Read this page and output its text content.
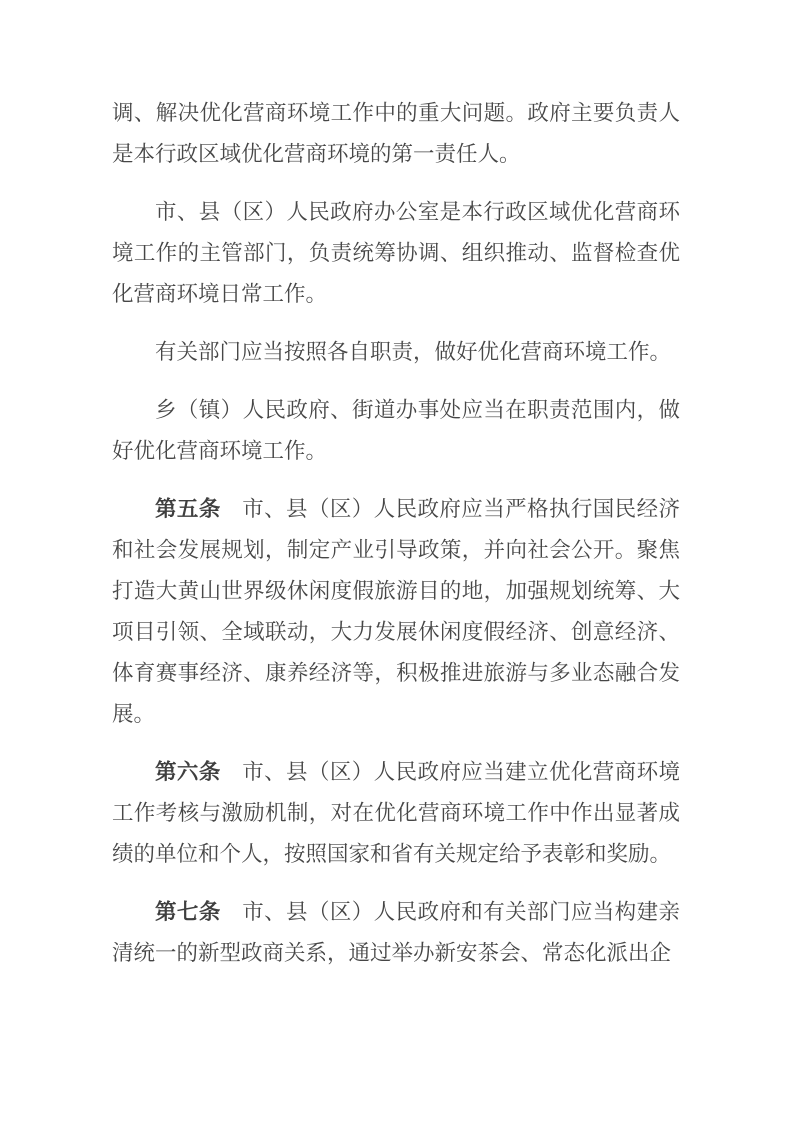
调、解决优化营商环境工作中的重大问题。政府主要负责人是本行政区域优化营商环境的第一责任人。

市、县（区）人民政府办公室是本行政区域优化营商环境工作的主管部门，负责统筹协调、组织推动、监督检查优化营商环境日常工作。

有关部门应当按照各自职责，做好优化营商环境工作。

乡（镇）人民政府、街道办事处应当在职责范围内，做好优化营商环境工作。

第五条 市、县（区）人民政府应当严格执行国民经济和社会发展规划，制定产业引导政策，并向社会公开。聚焦打造大黄山世界级休闲度假旅游目的地，加强规划统筹、大项目引领、全域联动，大力发展休闲度假经济、创意经济、体育赛事经济、康养经济等，积极推进旅游与多业态融合发展。

第六条 市、县（区）人民政府应当建立优化营商环境工作考核与激励机制，对在优化营商环境工作中作出显著成绩的单位和个人，按照国家和省有关规定给予表彰和奖励。

第七条 市、县（区）人民政府和有关部门应当构建亲清统一的新型政商关系，通过举办新安茶会、常态化派出企
